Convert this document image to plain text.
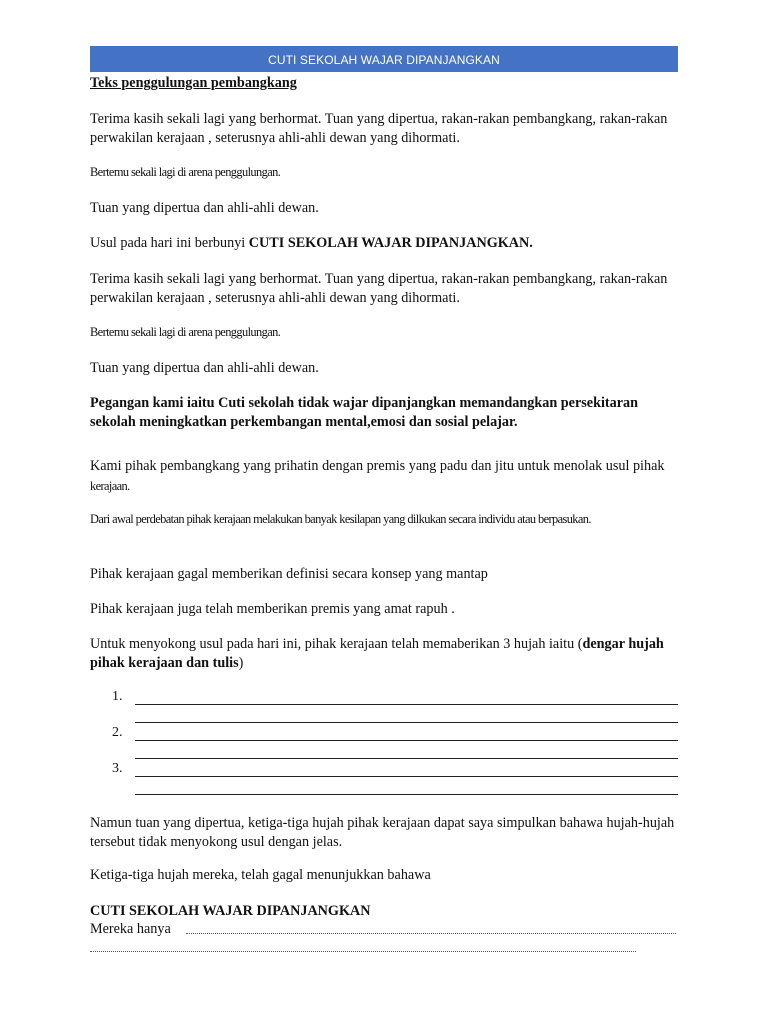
CUTI SEKOLAH WAJAR DIPANJANGKAN
Teks penggulungan pembangkang
Terima kasih sekali lagi yang berhormat. Tuan yang dipertua, rakan-rakan pembangkang, rakan-rakan perwakilan kerajaan , seterusnya ahli-ahli dewan yang dihormati.
Bertemu sekali lagi di arena penggulungan.
Tuan yang dipertua dan ahli-ahli dewan.
Usul pada hari ini berbunyi CUTI SEKOLAH WAJAR DIPANJANGKAN.
Terima kasih sekali lagi yang berhormat. Tuan yang dipertua, rakan-rakan pembangkang, rakan-rakan perwakilan kerajaan , seterusnya ahli-ahli dewan yang dihormati.
Bertemu sekali lagi di arena penggulungan.
Tuan yang dipertua dan ahli-ahli dewan.
Pegangan kami iaitu Cuti sekolah tidak wajar dipanjangkan memandangkan persekitaran sekolah meningkatkan perkembangan mental,emosi dan sosial pelajar.
Kami pihak pembangkang yang prihatin dengan premis yang padu dan jitu untuk menolak usul pihak
kerajaan.
Dari awal perdebatan pihak kerajaan melakukan banyak kesilapan yang dilkukan secara individu atau berpasukan.
Pihak kerajaan gagal memberikan definisi secara konsep yang mantap
Pihak kerajaan juga telah memberikan premis yang amat rapuh .
Untuk menyokong usul pada hari ini, pihak kerajaan telah memaberikan 3 hujah iaitu (dengar hujah pihak kerajaan dan tulis)
1.
2.
3.
Namun tuan yang dipertua, ketiga-tiga hujah pihak kerajaan dapat saya simpulkan bahawa hujah-hujah tersebut tidak menyokong usul dengan jelas.
Ketiga-tiga hujah mereka, telah gagal menunjukkan bahawa
CUTI SEKOLAH WAJAR DIPANJANGKAN
Mereka hanya
